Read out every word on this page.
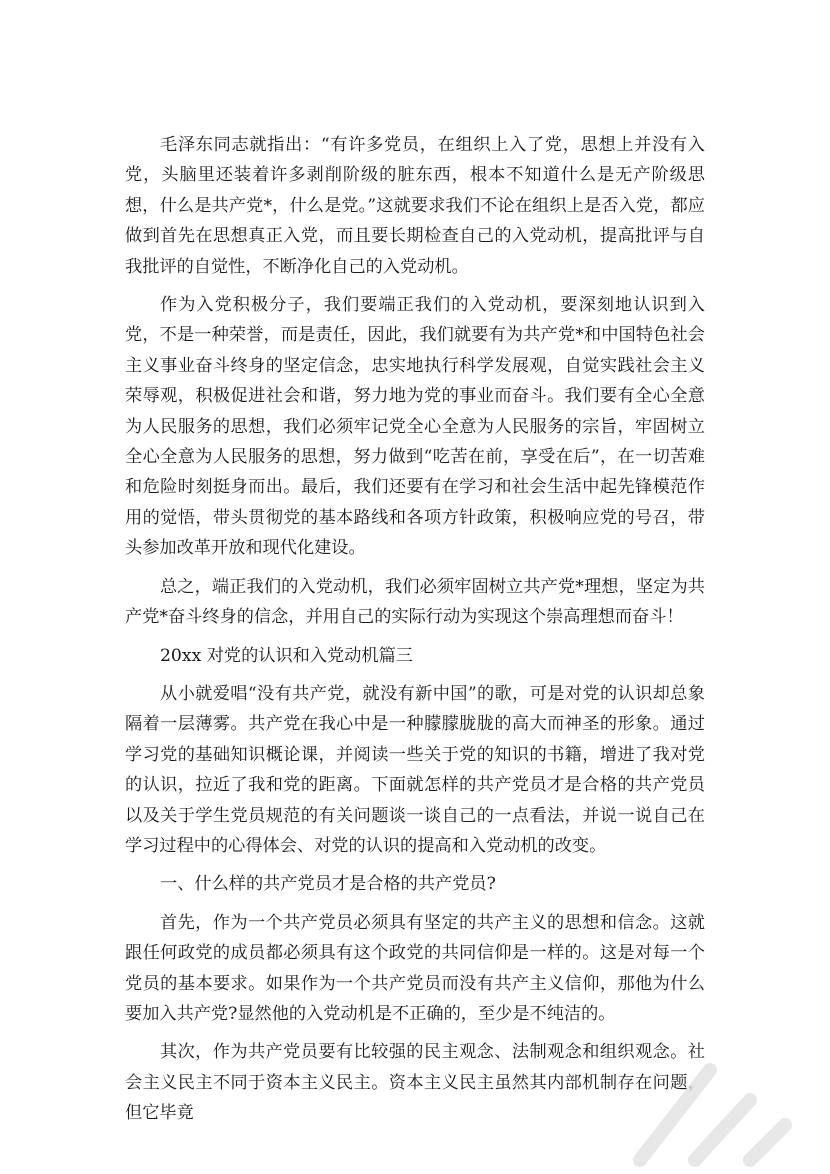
毛泽东同志就指出：“有许多党员，在组织上入了党，思想上并没有入党，头脑里还装着许多剥削阶级的脏东西，根本不知道什么是无产阶级思想，什么是共产党*，什么是党。”这就要求我们不论在组织上是否入党，都应做到首先在思想真正入党，而且要长期检查自己的入党动机，提高批评与自我批评的自觉性，不断净化自己的入党动机。

作为入党积极分子，我们要端正我们的入党动机，要深刻地认识到入党，不是一种荣誉，而是责任，因此，我们就要有为共产党*和中国特色社会主义事业奋斗终身的坚定信念，忠实地执行科学发展观，自觉实践社会主义荣辱观，积极促进社会和谐，努力地为党的事业而奋斗。我们要有全心全意为人民服务的思想，我们必须牢记党全心全意为人民服务的宗旨，牢固树立全心全意为人民服务的思想，努力做到“吃苦在前，享受在后”，在一切苦难和危险时刻挺身而出。最后，我们还要有在学习和社会生活中起先锋模范作用的觉悟，带头贯彻党的基本路线和各项方针政策，积极响应党的号召，带头参加改革开放和现代化建设。

总之，端正我们的入党动机，我们必须牢固树立共产党*理想，坚定为共产党*奋斗终身的信念，并用自己的实际行动为实现这个崇高理想而奋斗！

20xx 对党的认识和入党动机篇三

从小就爱唱“没有共产党，就没有新中国”的歌，可是对党的认识却总象隔着一层薄雾。共产党在我心中是一种朦朦胧胧的高大而神圣的形象。通过学习党的基础知识概论课，并阅读一些关于党的知识的书籍，增进了我对党的认识，拉近了我和党的距离。下面就怎样的共产党员才是合格的共产党员以及关于学生党员规范的有关问题谈一谈自己的一点看法，并说一说自己在学习过程中的心得体会、对党的认识的提高和入党动机的改变。

一、什么样的共产党员才是合格的共产党员?

首先，作为一个共产党员必须具有坚定的共产主义的思想和信念。这就跟任何政党的成员都必须具有这个政党的共同信仰是一样的。这是对每一个党员的基本要求。如果作为一个共产党员而没有共产主义信仰，那他为什么要加入共产党?显然他的入党动机是不正确的，至少是不纯洁的。

其次，作为共产党员要有比较强的民主观念、法制观念和组织观念。社会主义民主不同于资本主义民主。资本主义民主虽然其内部机制存在问题，但它毕竟
